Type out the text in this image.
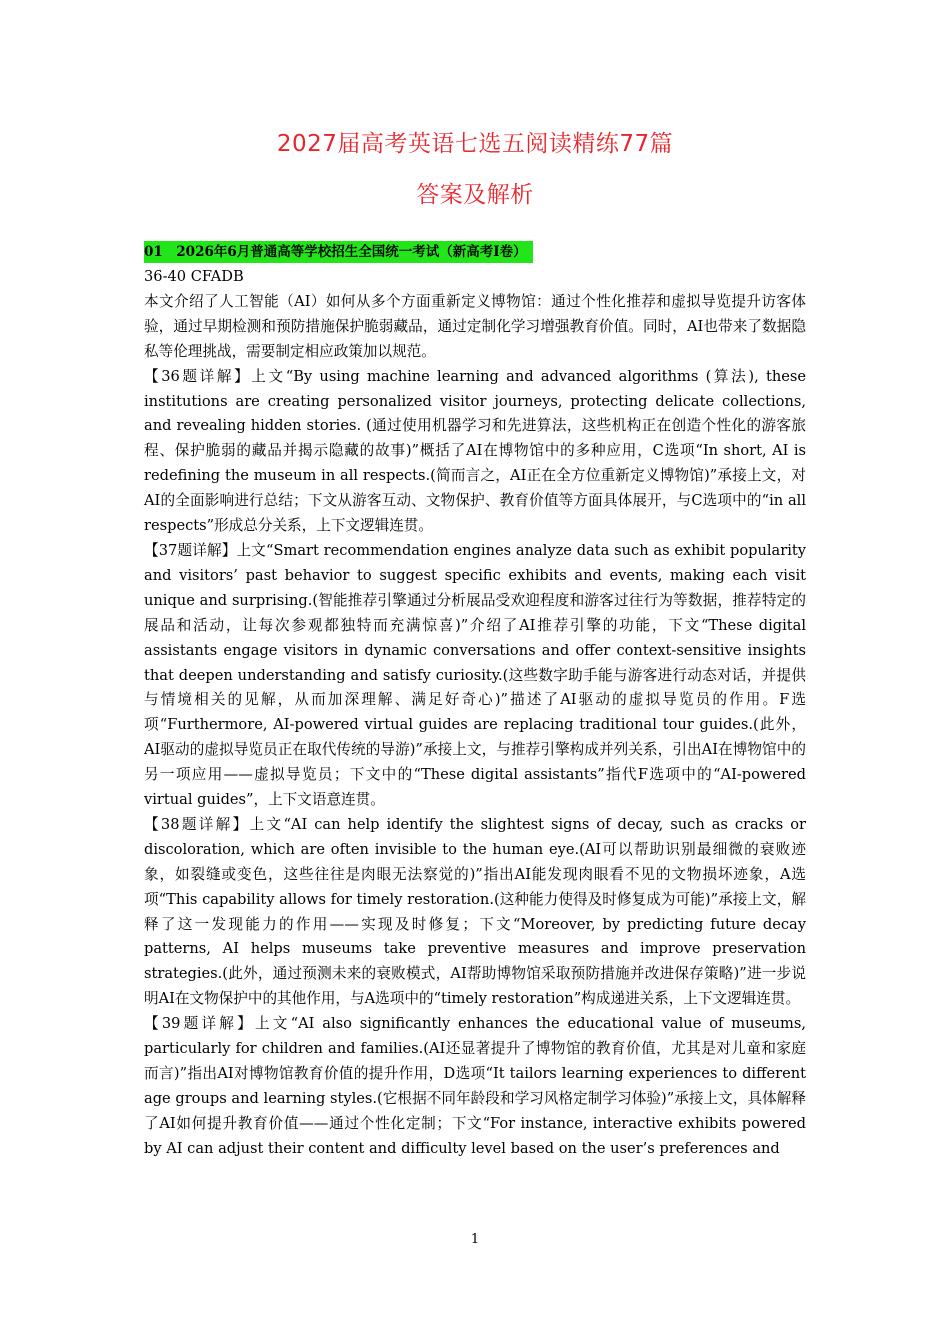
2027届高考英语七选五阅读精练77篇
答案及解析
01　2026年6月普通高等学校招生全国统一考试（新高考I卷）

36-40 CFADB

本文介绍了人工智能（AI）如何从多个方面重新定义博物馆：通过个性化推荐和虚拟导览提升访客体验，通过早期检测和预防措施保护脆弱藏品，通过定制化学习增强教育价值。同时，AI也带来了数据隐私等伦理挑战，需要制定相应政策加以规范。

【36题详解】上文“By using machine learning and advanced algorithms (算法), these institutions are creating personalized visitor journeys, protecting delicate collections, and revealing hidden stories. (通过使用机器学习和先进算法，这些机构正在创造个性化的游客旅程、保护脆弱的藏品并揭示隐藏的故事)”概括了AI在博物馆中的多种应用，C选项“In short, AI is redefining the museum in all respects.(简而言之，AI正在全方位重新定义博物馆)”承接上文，对AI的全面影响进行总结；下文从游客互动、文物保护、教育价值等方面具体展开，与C选项中的“in all respects”形成总分关系，上下文逻辑连贯。

【37题详解】上文“Smart recommendation engines analyze data such as exhibit popularity and visitors’ past behavior to suggest specific exhibits and events, making each visit unique and surprising.(智能推荐引擎通过分析展品受欢迎程度和游客过往行为等数据，推荐特定的展品和活动，让每次参观都独特而充满惊喜)”介绍了AI推荐引擎的功能，下文“These digital assistants engage visitors in dynamic conversations and offer context-sensitive insights that deepen understanding and satisfy curiosity.(这些数字助手能与游客进行动态对话，并提供与情境相关的见解，从而加深理解、满足好奇心)”描述了AI驱动的虚拟导览员的作用。F选项“Furthermore, AI-powered virtual guides are replacing traditional tour guides.(此外，AI驱动的虚拟导览员正在取代传统的导游)”承接上文，与推荐引擎构成并列关系，引出AI在博物馆中的另一项应用——虚拟导览员；下文中的“These digital assistants”指代F选项中的“AI-powered virtual guides”，上下文语意连贯。

【38题详解】上文“AI can help identify the slightest signs of decay, such as cracks or discoloration, which are often invisible to the human eye.(AI可以帮助识别最细微的衰败迹象，如裂缝或变色，这些往往是肉眼无法察觉的)”指出AI能发现肉眼看不见的文物损坏迹象，A选项“This capability allows for timely restoration.(这种能力使得及时修复成为可能)”承接上文，解释了这一发现能力的作用——实现及时修复；下文“Moreover, by predicting future decay patterns, AI helps museums take preventive measures and improve preservation strategies.(此外，通过预测未来的衰败模式，AI帮助博物馆采取预防措施并改进保存策略)”进一步说明AI在文物保护中的其他作用，与A选项中的“timely restoration”构成递进关系，上下文逻辑连贯。

【39题详解】上文“AI also significantly enhances the educational value of museums, particularly for children and families.(AI还显著提升了博物馆的教育价值，尤其是对儿童和家庭而言)”指出AI对博物馆教育价值的提升作用，D选项“It tailors learning experiences to different age groups and learning styles.(它根据不同年龄段和学习风格定制学习体验)”承接上文，具体解释了AI如何提升教育价值——通过个性化定制；下文“For instance, interactive exhibits powered by AI can adjust their content and difficulty level based on the user’s preferences and

1
